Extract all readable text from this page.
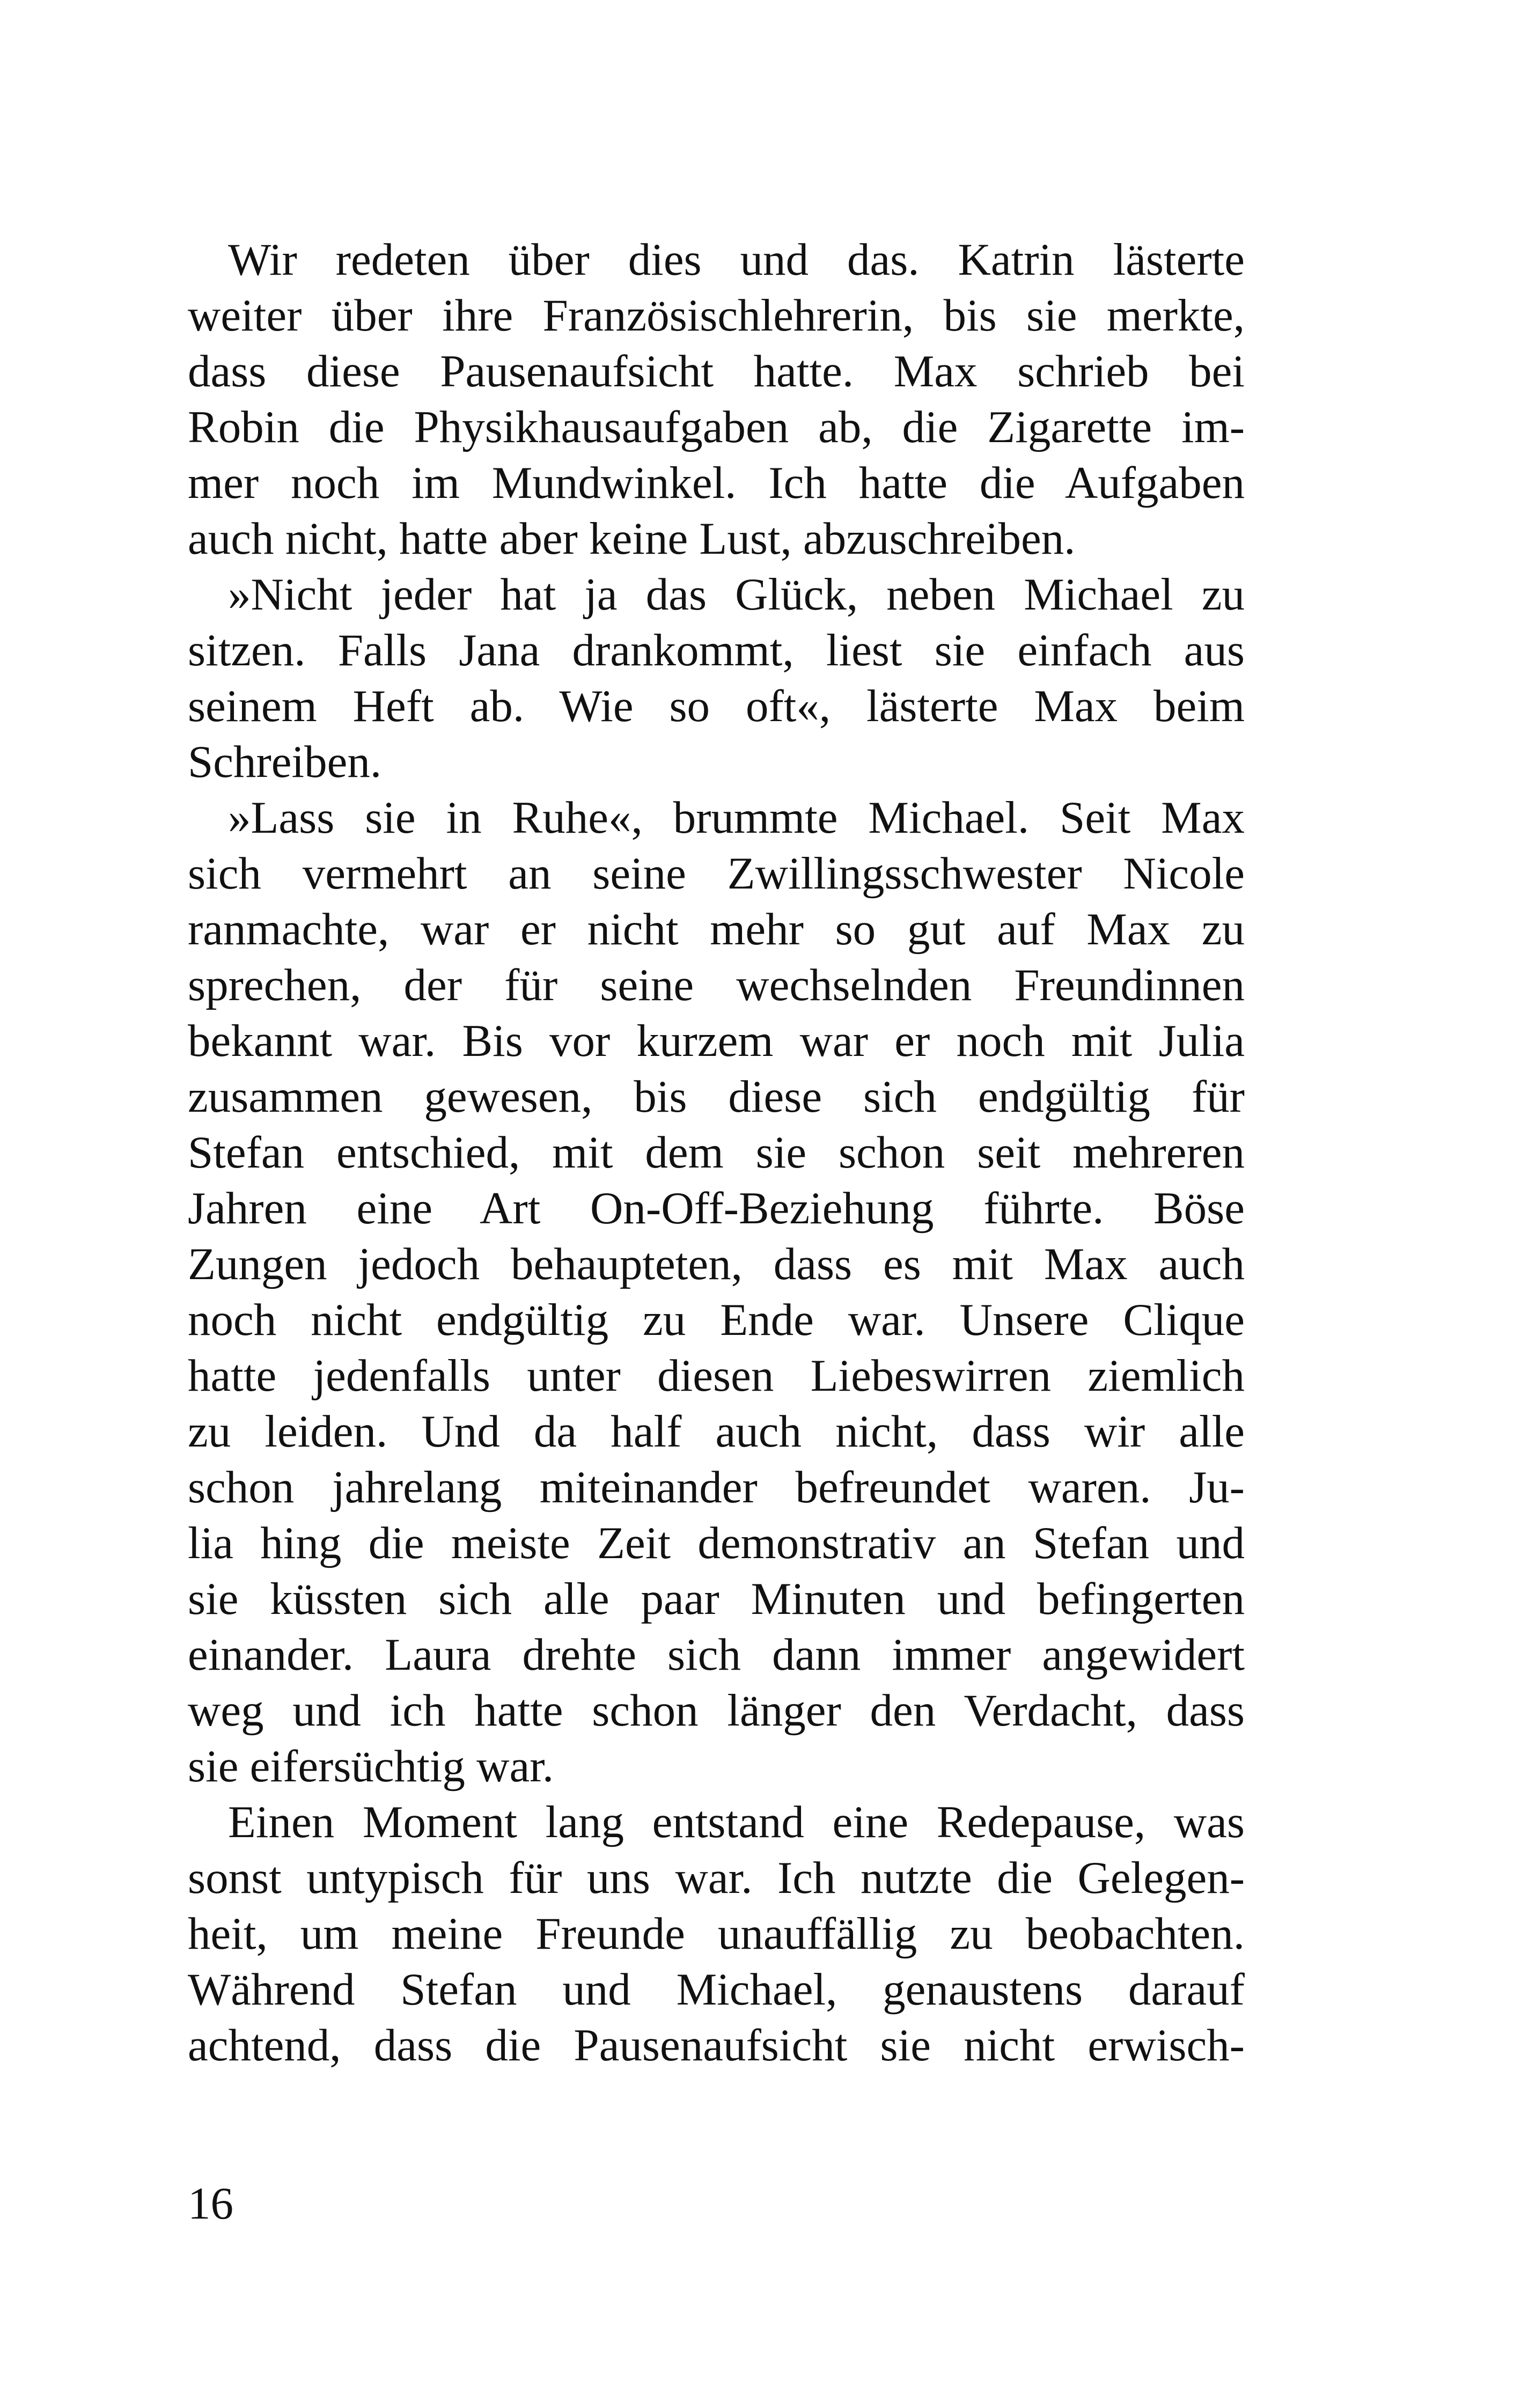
Wir redeten über dies und das. Katrin lästerte
weiter über ihre Französischlehrerin, bis sie merkte,
dass diese Pausenaufsicht hatte. Max schrieb bei
Robin die Physikhausaufgaben ab, die Zigarette im-
mer noch im Mundwinkel. Ich hatte die Aufgaben
auch nicht, hatte aber keine Lust, abzuschreiben.
»Nicht jeder hat ja das Glück, neben Michael zu
sitzen. Falls Jana drankommt, liest sie einfach aus
seinem Heft ab. Wie so oft«, lästerte Max beim
Schreiben.
»Lass sie in Ruhe«, brummte Michael. Seit Max
sich vermehrt an seine Zwillingsschwester Nicole
ranmachte, war er nicht mehr so gut auf Max zu
sprechen, der für seine wechselnden Freundinnen
bekannt war. Bis vor kurzem war er noch mit Julia
zusammen gewesen, bis diese sich endgültig für
Stefan entschied, mit dem sie schon seit mehreren
Jahren eine Art On-Off-Beziehung führte. Böse
Zungen jedoch behaupteten, dass es mit Max auch
noch nicht endgültig zu Ende war. Unsere Clique
hatte jedenfalls unter diesen Liebeswirren ziemlich
zu leiden. Und da half auch nicht, dass wir alle
schon jahrelang miteinander befreundet waren. Ju-
lia hing die meiste Zeit demonstrativ an Stefan und
sie küssten sich alle paar Minuten und befingerten
einander. Laura drehte sich dann immer angewidert
weg und ich hatte schon länger den Verdacht, dass
sie eifersüchtig war.
Einen Moment lang entstand eine Redepause, was
sonst untypisch für uns war. Ich nutzte die Gelegen-
heit, um meine Freunde unauffällig zu beobachten.
Während Stefan und Michael, genaustens darauf
achtend, dass die Pausenaufsicht sie nicht erwisch-
16
